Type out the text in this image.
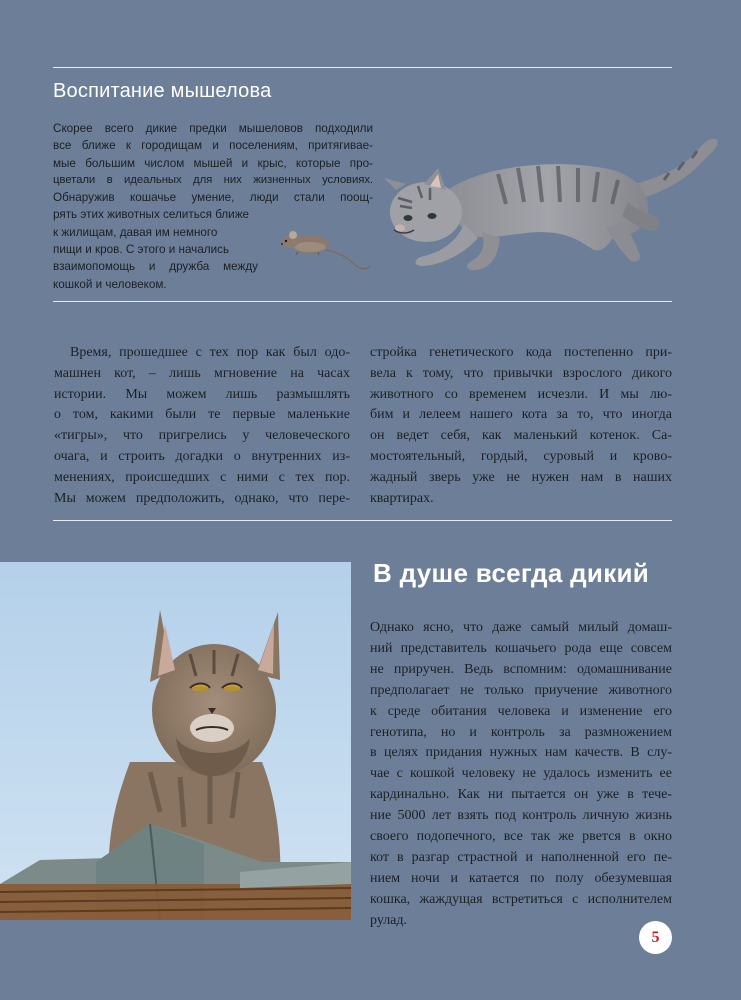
Воспитание мышелова
Скорее всего дикие предки мышеловов подходили
все ближе к городищам и поселениям, притягивае-
мые большим числом мышей и крыс, которые про-
цветали в идеальных для них жизненных условиях.
Обнаружив кошачье умение, люди стали поощ-
рять этих животных селиться ближе
к жилищам, давая им немного
пищи и кров. С этого и начались
взаимопомощь и дружба между
кошкой и человеком.
Время, прошедшее с тех пор как был одо-
машнен кот, – лишь мгновение на часах
истории. Мы можем лишь размышлять
о том, какими были те первые маленькие
«тигры», что пригрелись у человеческого
очага, и строить догадки о внутренних из-
менениях, происшедших с ними с тех пор.
Мы можем предположить, однако, что пере-
стройка генетического кода постепенно при-
вела к тому, что привычки взрослого дикого
животного со временем исчезли. И мы лю-
бим и лелеем нашего кота за то, что иногда
он ведет себя, как маленький котенок. Са-
мостоятельный, гордый, суровый и крово-
жадный зверь уже не нужен нам в наших
квартирах.
В душе всегда дикий
Однако ясно, что даже самый милый домаш-
ний представитель кошачьего рода еще совсем
не приручен. Ведь вспомним: одомашнивание
предполагает не только приучение животного
к среде обитания человека и изменение его
генотипа, но и контроль за размножением
в целях придания нужных нам качеств. В слу-
чае с кошкой человеку не удалось изменить ее
кардинально. Как ни пытается он уже в тече-
ние 5000 лет взять под контроль личную жизнь
своего подопечного, все так же рвется в окно
кот в разгар страстной и наполненной его пе-
нием ночи и катается по полу обезумевшая
кошка, жаждущая встретиться с исполнителем
рулад.
5
